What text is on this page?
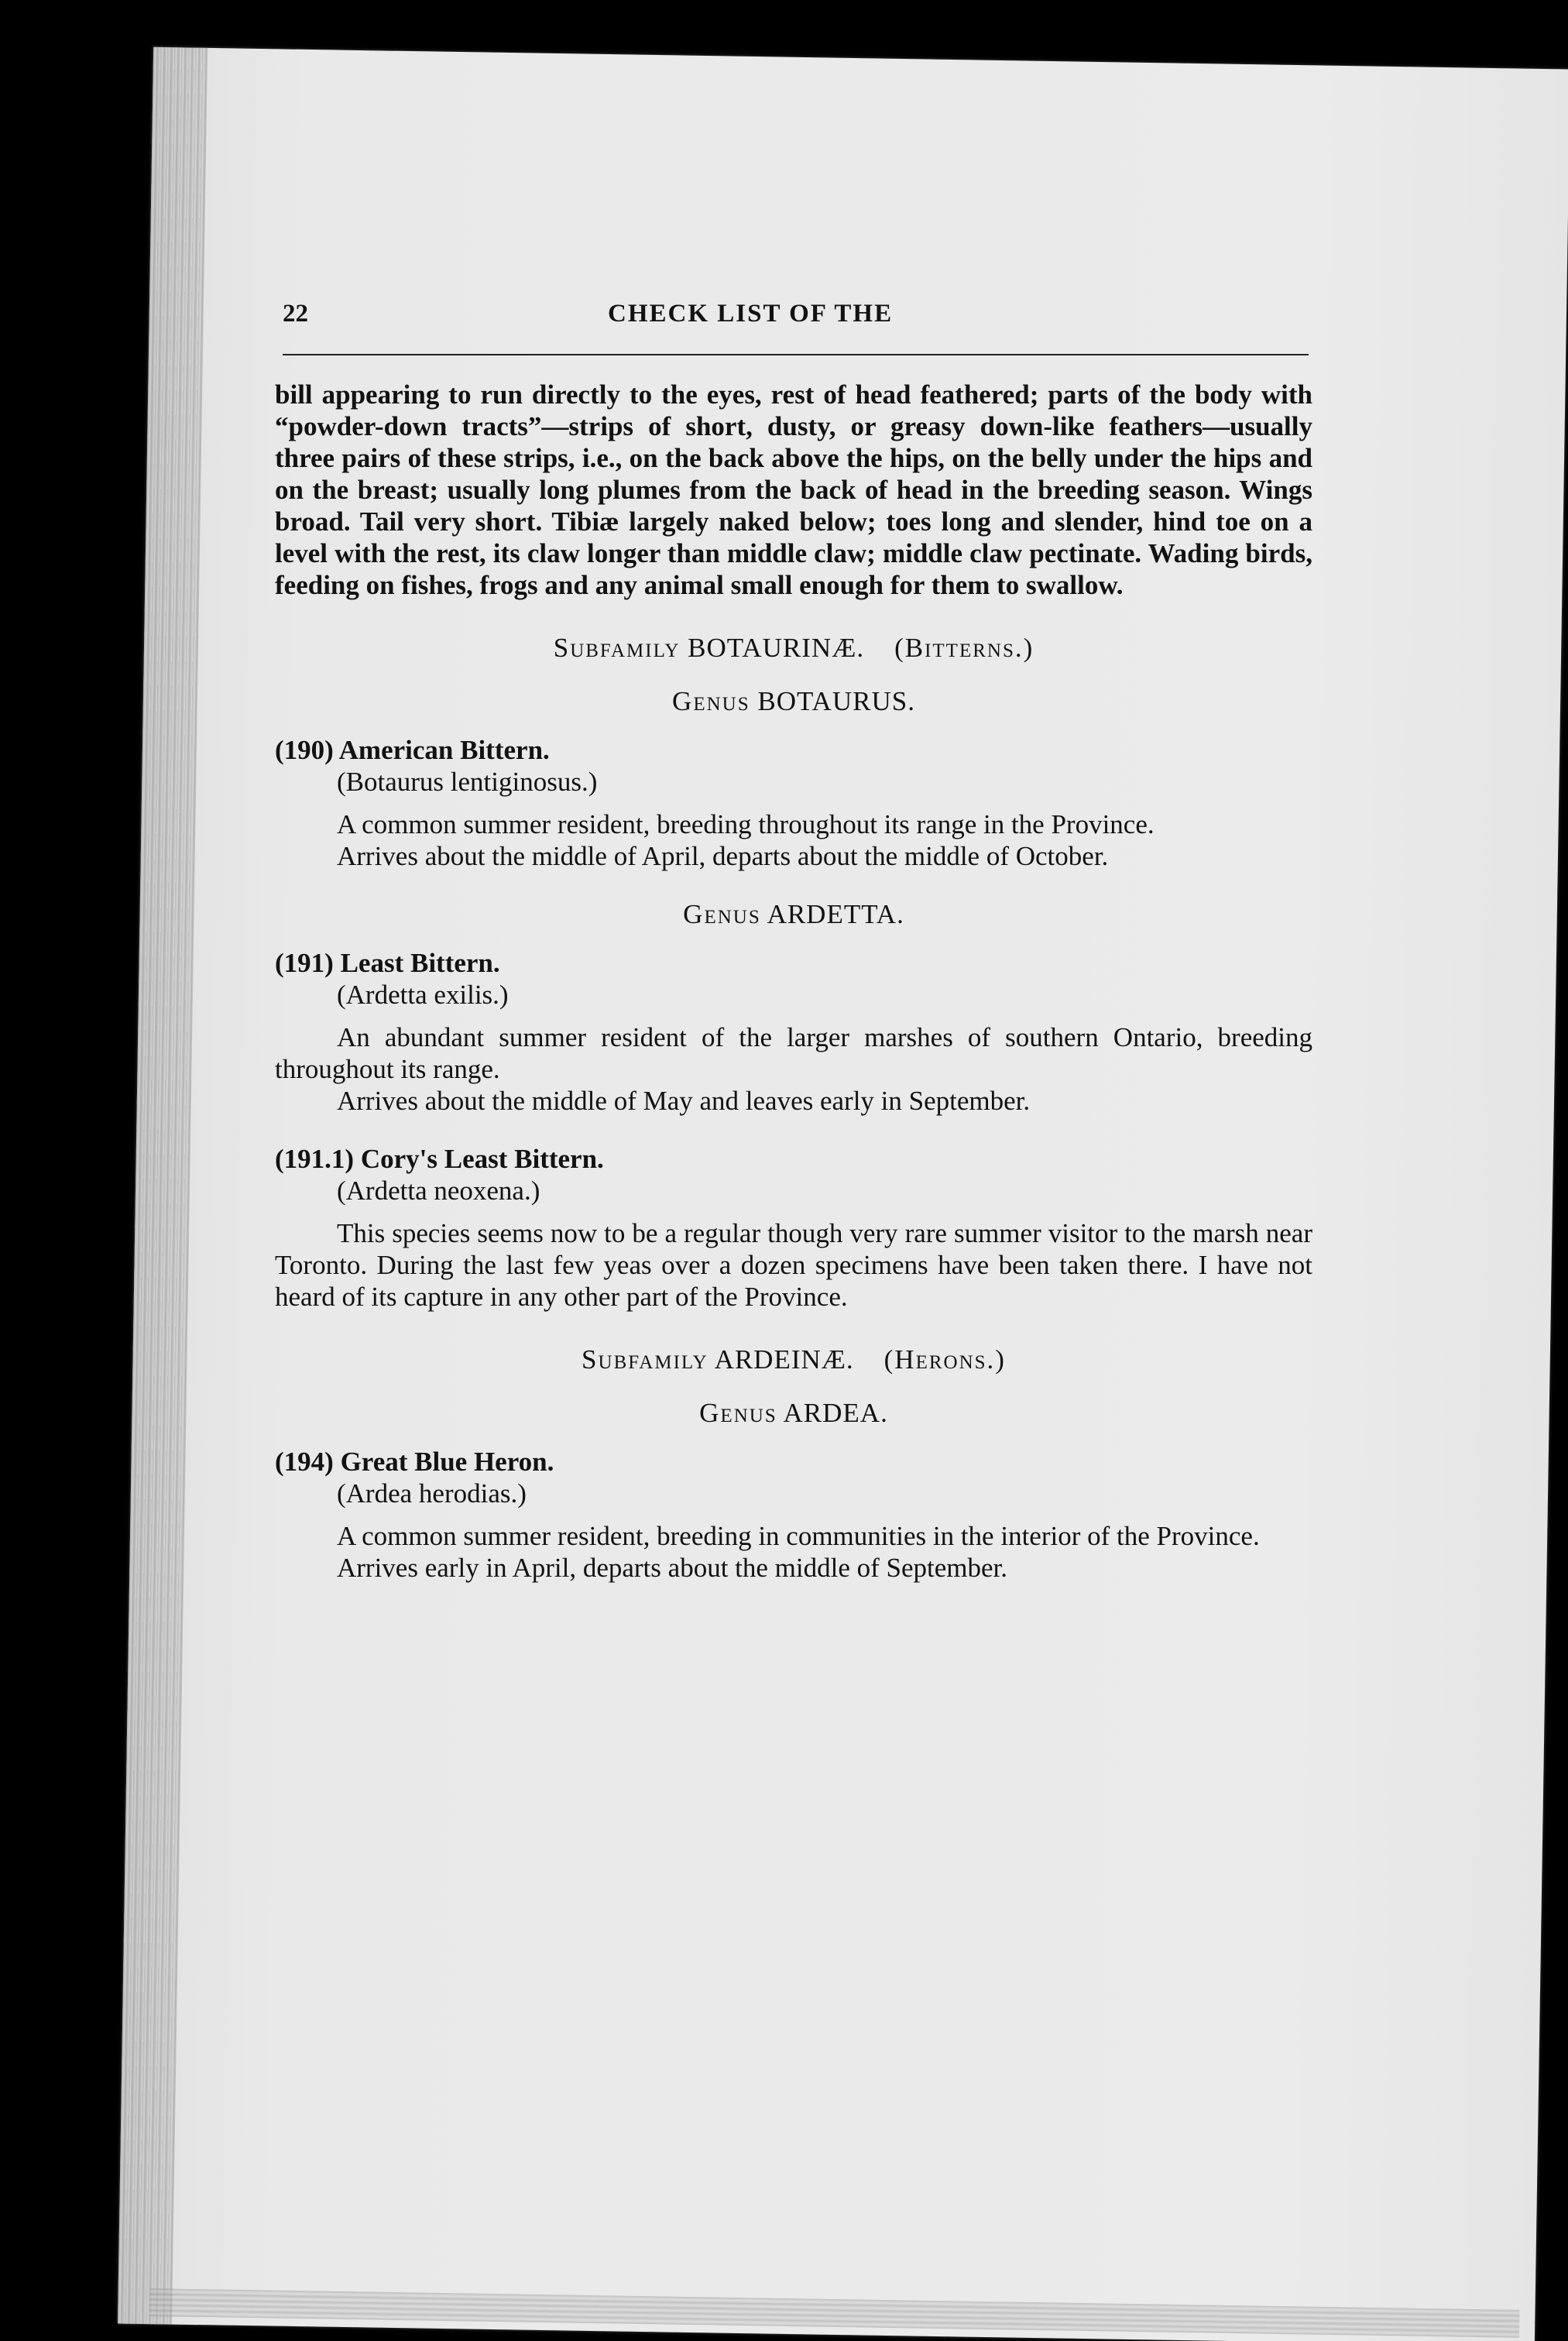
22	CHECK LIST OF THE

bill appearing to run directly to the eyes, rest of head feathered; parts of the body with “powder-down tracts”—strips of short, dusty, or greasy down-like feathers—usually three pairs of these strips, i.e., on the back above the hips, on the belly under the hips and on the breast; usually long plumes from the back of head in the breeding season. Wings broad. Tail very short. Tibiæ largely naked below; toes long and slender, hind toe on a level with the rest, its claw longer than middle claw; middle claw pectinate. Wading birds, feeding on fishes, frogs and any animal small enough for them to swallow.

Subfamily BOTAURINÆ. (Bitterns.)
Genus BOTAURUS.

(190) American Bittern.

(Botaurus lentiginosus.)

A common summer resident, breeding throughout its range in the Province.

Arrives about the middle of April, departs about the middle of October.

Genus ARDETTA.

(191) Least Bittern.

(Ardetta exilis.)

An abundant summer resident of the larger marshes of southern Ontario, breeding throughout its range.

Arrives about the middle of May and leaves early in September.

(191.1) Cory's Least Bittern.

(Ardetta neoxena.)

This species seems now to be a regular though very rare summer visitor to the marsh near Toronto. During the last few yeas over a dozen specimens have been taken there. I have not heard of its capture in any other part of the Province.

Subfamily ARDEINÆ. (Herons.)
Genus ARDEA.

(194) Great Blue Heron.

(Ardea herodias.)

A common summer resident, breeding in communities in the interior of the Province.

Arrives early in April, departs about the middle of September.
